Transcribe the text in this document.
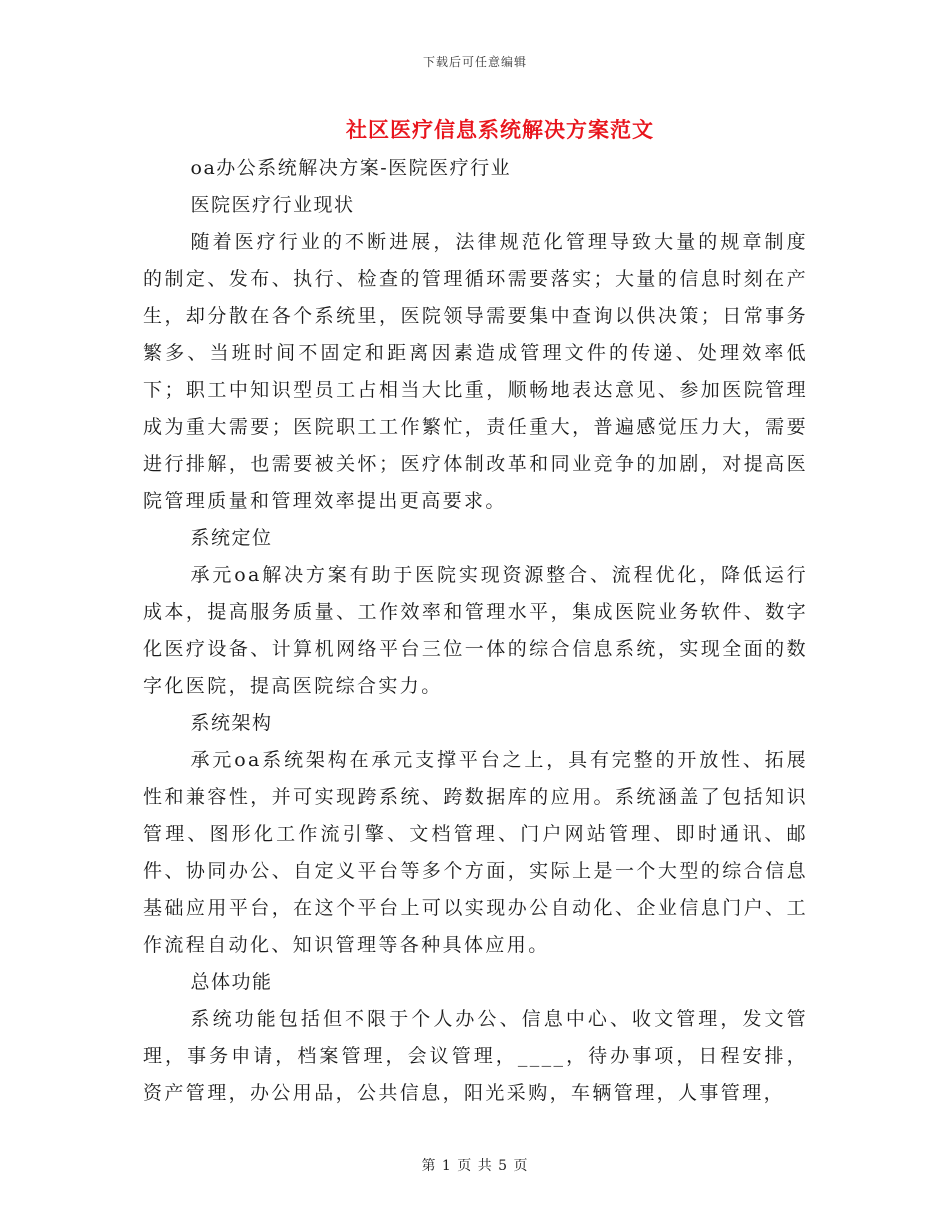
下载后可任意编辑
社区医疗信息系统解决方案范文

oa办公系统解决方案-医院医疗行业

医院医疗行业现状

随着医疗行业的不断进展，法律规范化管理导致大量的规章制度的制定、发布、执行、检查的管理循环需要落实；大量的信息时刻在产生，却分散在各个系统里，医院领导需要集中查询以供决策；日常事务繁多、当班时间不固定和距离因素造成管理文件的传递、处理效率低下；职工中知识型员工占相当大比重，顺畅地表达意见、参加医院管理成为重大需要；医院职工工作繁忙，责任重大，普遍感觉压力大，需要进行排解，也需要被关怀；医疗体制改革和同业竞争的加剧，对提高医院管理质量和管理效率提出更高要求。

系统定位

承元oa解决方案有助于医院实现资源整合、流程优化，降低运行成本，提高服务质量、工作效率和管理水平，集成医院业务软件、数字化医疗设备、计算机网络平台三位一体的综合信息系统，实现全面的数字化医院，提高医院综合实力。

系统架构

承元oa系统架构在承元支撑平台之上，具有完整的开放性、拓展性和兼容性，并可实现跨系统、跨数据库的应用。系统涵盖了包括知识管理、图形化工作流引擎、文档管理、门户网站管理、即时通讯、邮件、协同办公、自定义平台等多个方面，实际上是一个大型的综合信息基础应用平台，在这个平台上可以实现办公自动化、企业信息门户、工作流程自动化、知识管理等各种具体应用。

总体功能

系统功能包括但不限于个人办公、信息中心、收文管理，发文管理，事务申请，档案管理，会议管理，____，待办事项，日程安排，资产管理，办公用品，公共信息，阳光采购，车辆管理，人事管理，

第 1 页 共 5 页
